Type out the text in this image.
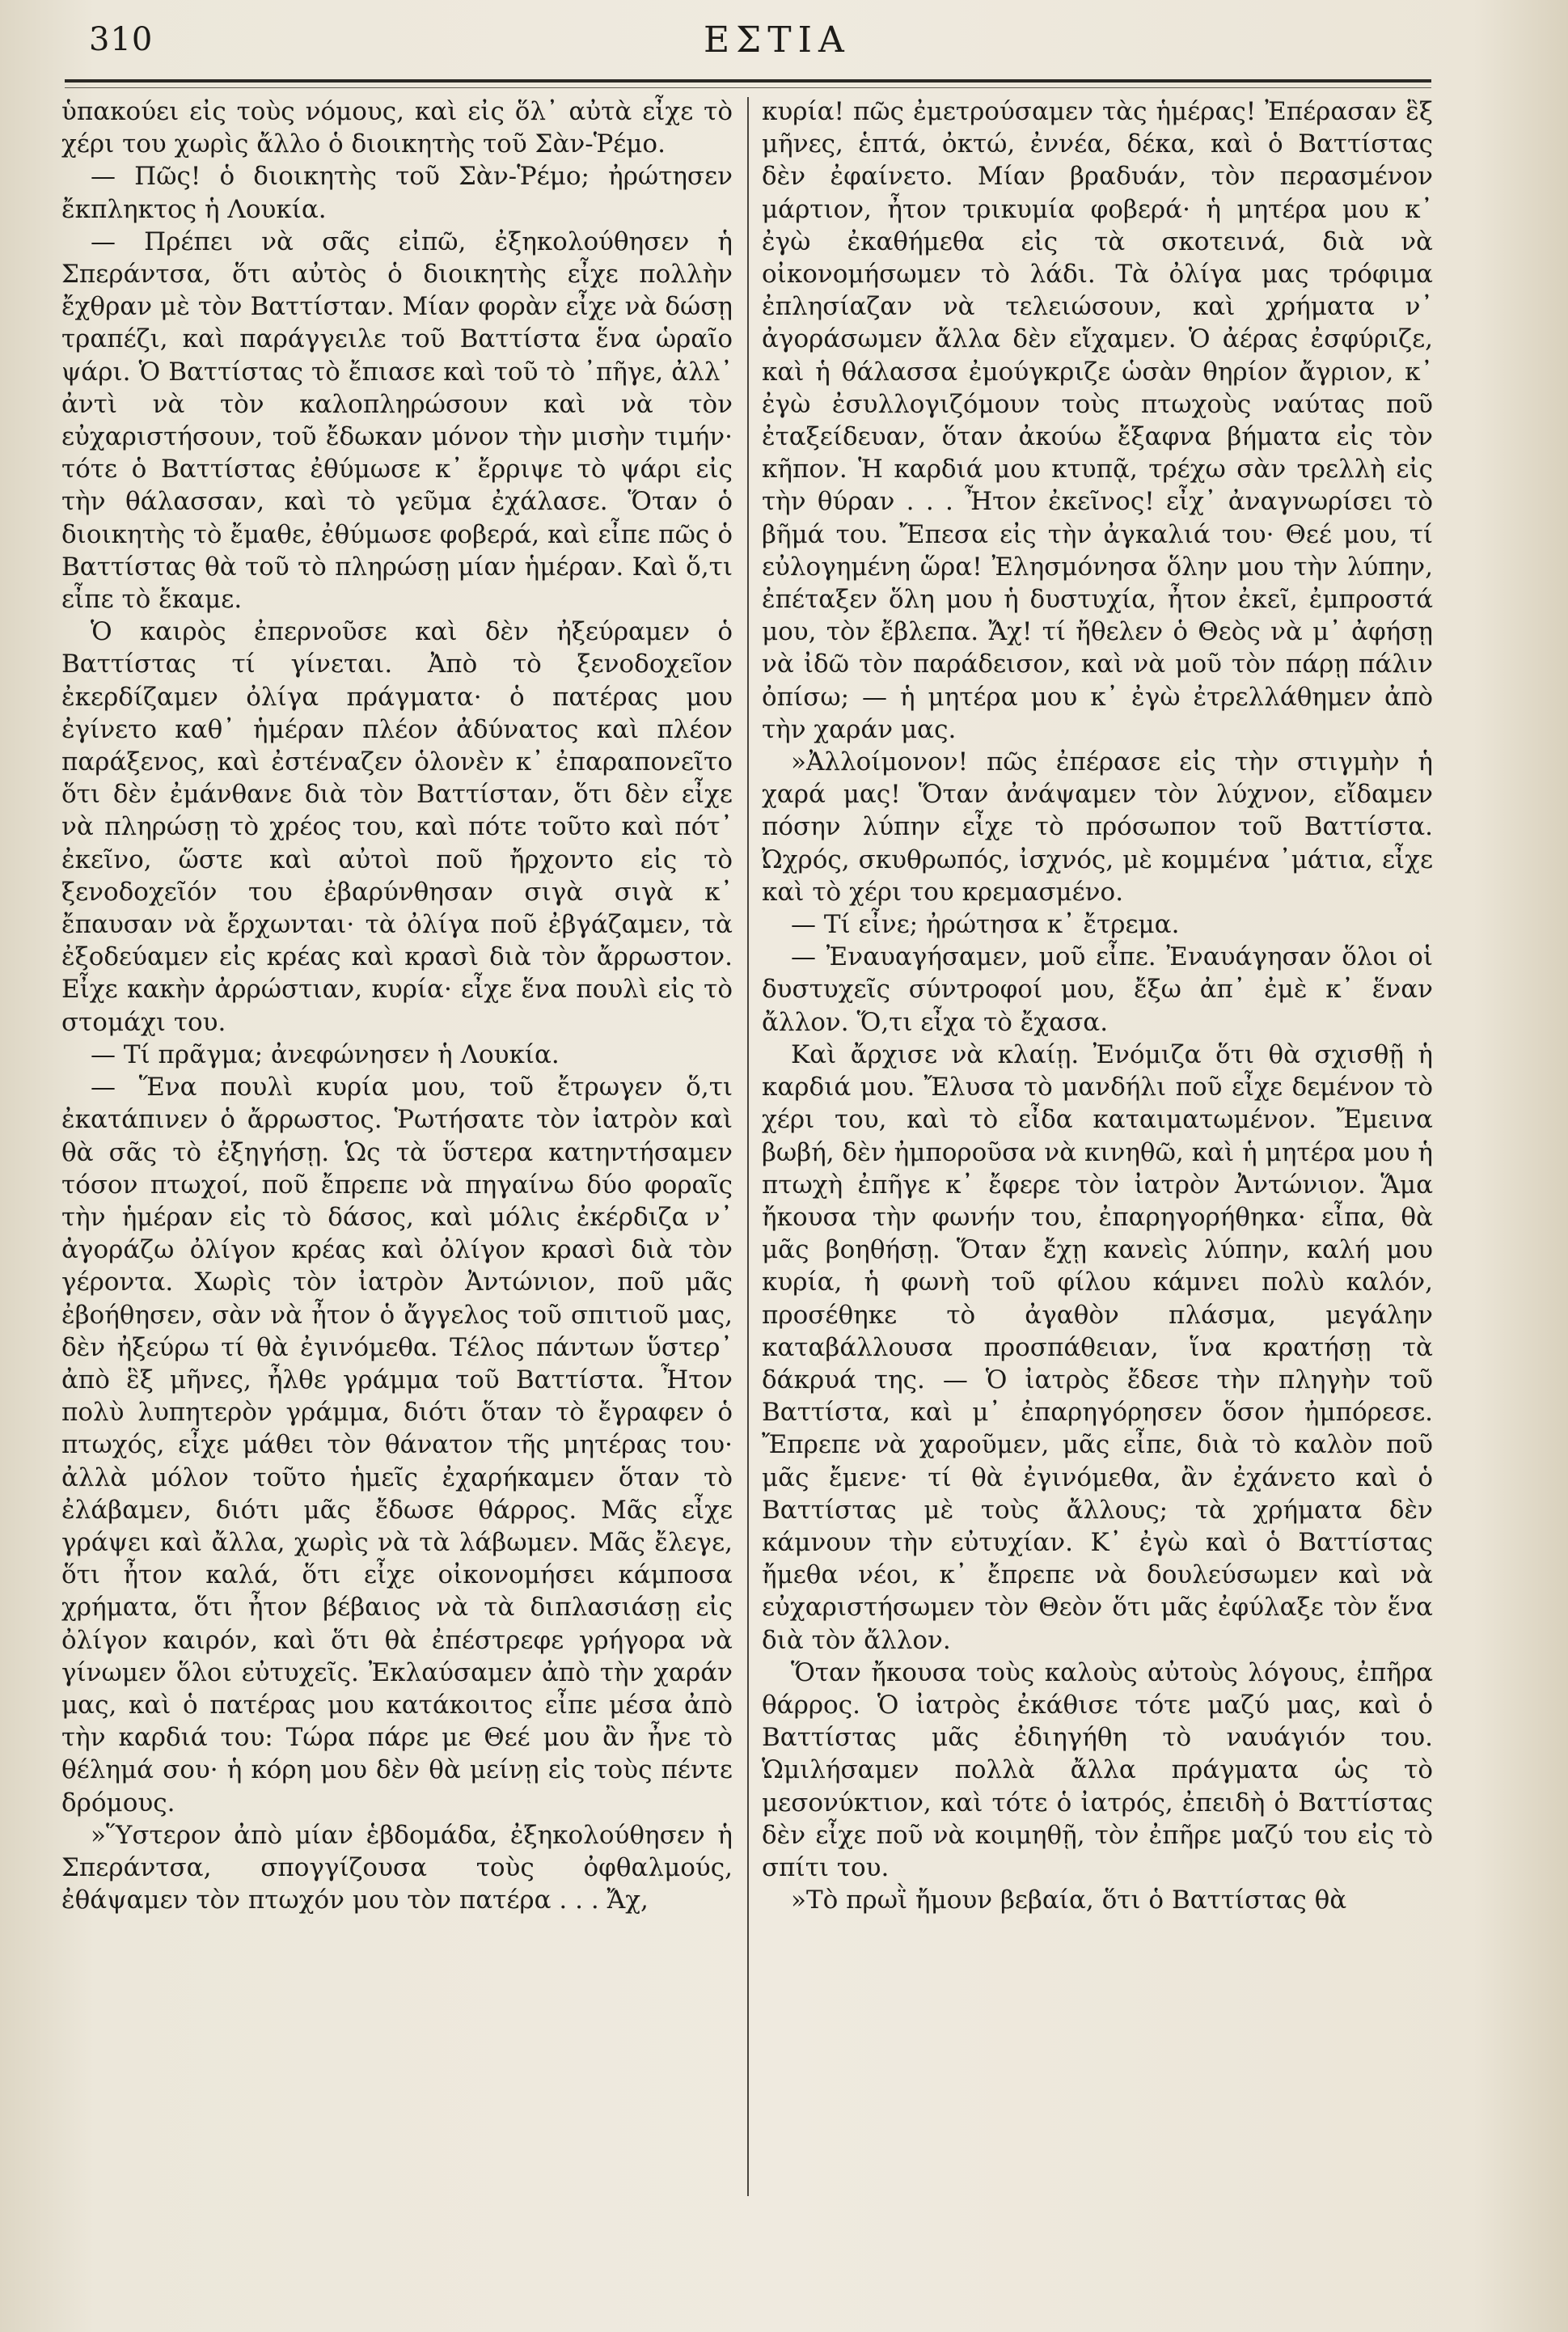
310	ΕΣΤΙΑ

ὑπακούει εἰς τοὺς νόμους, καὶ εἰς ὅλ᾿ αὐτὰ εἶχε τὸ χέρι του χωρὶς ἄλλο ὁ διοικητὴς τοῦ Σὰν-Ῥέμο.

— Πῶς! ὁ διοικητὴς τοῦ Σὰν-Ῥέμο; ἠρώτησεν ἔκπληκτος ἡ Λουκία.

— Πρέπει νὰ σᾶς εἰπῶ, ἐξηκολούθησεν ἡ Σπεράντσα, ὅτι αὐτὸς ὁ διοικητὴς εἶχε πολλὴν ἔχθραν μὲ τὸν Βαττίσταν. Μίαν φορὰν εἶχε νὰ δώσῃ τραπέζι, καὶ παράγγειλε τοῦ Βαττίστα ἕνα ὡραῖο ψάρι. Ὁ Βαττίστας τὸ ἔπιασε καὶ τοῦ τὸ ᾽πῆγε, ἀλλ᾿ ἀντὶ νὰ τὸν καλοπληρώσουν καὶ νὰ τὸν εὐχαριστήσουν, τοῦ ἔδωκαν μόνον τὴν μισὴν τιμήν· τότε ὁ Βαττίστας ἐθύμωσε κ᾿ ἔρριψε τὸ ψάρι εἰς τὴν θάλασσαν, καὶ τὸ γεῦμα ἐχάλασε. Ὅταν ὁ διοικητὴς τὸ ἔμαθε, ἐθύμωσε φοβερά, καὶ εἶπε πῶς ὁ Βαττίστας θὰ τοῦ τὸ πληρώσῃ μίαν ἡμέραν. Καὶ ὅ,τι εἶπε τὸ ἔκαμε.

Ὁ καιρὸς ἐπερνοῦσε καὶ δὲν ἠξεύραμεν ὁ Βαττίστας τί γίνεται. Ἀπὸ τὸ ξενοδοχεῖον ἐκερδίζαμεν ὀλίγα πράγματα· ὁ πατέρας μου ἐγίνετο καθ᾿ ἡμέραν πλέον ἀδύνατος καὶ πλέον παράξενος, καὶ ἐστέναζεν ὁλονὲν κ᾿ ἐπαραπονεῖτο ὅτι δὲν ἐμάνθανε διὰ τὸν Βαττίσταν, ὅτι δὲν εἶχε νὰ πληρώσῃ τὸ χρέος του, καὶ πότε τοῦτο καὶ πότ᾿ ἐκεῖνο, ὥστε καὶ αὐτοὶ ποῦ ἤρχοντο εἰς τὸ ξενοδοχεῖόν του ἐβαρύνθησαν σιγὰ σιγὰ κ᾿ ἔπαυσαν νὰ ἔρχωνται· τὰ ὀλίγα ποῦ ἐβγάζαμεν, τὰ ἐξοδεύαμεν εἰς κρέας καὶ κρασὶ διὰ τὸν ἄρρωστον. Εἶχε κακὴν ἀρρώστιαν, κυρία· εἶχε ἕνα πουλὶ εἰς τὸ στομάχι του.

— Τί πρᾶγμα; ἀνεφώνησεν ἡ Λουκία.

— Ἕνα πουλὶ κυρία μου, τοῦ ἔτρωγεν ὅ,τι ἐκατάπινεν ὁ ἄρρωστος. Ῥωτήσατε τὸν ἰατρὸν καὶ θὰ σᾶς τὸ ἐξηγήσῃ. Ὡς τὰ ὕστερα κατηντήσαμεν τόσον πτωχοί, ποῦ ἔπρεπε νὰ πηγαίνω δύο φοραῖς τὴν ἡμέραν εἰς τὸ δάσος, καὶ μόλις ἐκέρδιζα ν᾿ ἀγοράζω ὀλίγον κρέας καὶ ὀλίγον κρασὶ διὰ τὸν γέροντα. Χωρὶς τὸν ἰατρὸν Ἀντώνιον, ποῦ μᾶς ἐβοήθησεν, σὰν νὰ ἦτον ὁ ἄγγελος τοῦ σπιτιοῦ μας, δὲν ἠξεύρω τί θὰ ἐγινόμεθα. Τέλος πάντων ὕστερ᾿ ἀπὸ ἓξ μῆνες, ἦλθε γράμμα τοῦ Βαττίστα. Ἦτον πολὺ λυπητερὸν γράμμα, διότι ὅταν τὸ ἔγραφεν ὁ πτωχός, εἶχε μάθει τὸν θάνατον τῆς μητέρας του· ἀλλὰ μόλον τοῦτο ἡμεῖς ἐχαρήκαμεν ὅταν τὸ ἐλάβαμεν, διότι μᾶς ἔδωσε θάρρος. Μᾶς εἶχε γράψει καὶ ἄλλα, χωρὶς νὰ τὰ λάβωμεν. Μᾶς ἔλεγε, ὅτι ἦτον καλά, ὅτι εἶχε οἰκονομήσει κάμποσα χρήματα, ὅτι ἦτον βέβαιος νὰ τὰ διπλασιάσῃ εἰς ὀλίγον καιρόν, καὶ ὅτι θὰ ἐπέστρεφε γρήγορα νὰ γίνωμεν ὅλοι εὐτυχεῖς. Ἐκλαύσαμεν ἀπὸ τὴν χαράν μας, καὶ ὁ πατέρας μου κατάκοιτος εἶπε μέσα ἀπὸ τὴν καρδιά του: Τώρα πάρε με Θεέ μου ἂν ἦνε τὸ θέλημά σου· ἡ κόρη μου δὲν θὰ μείνῃ εἰς τοὺς πέντε δρόμους.

»Ὕστερον ἀπὸ μίαν ἑβδομάδα, ἐξηκολούθησεν ἡ Σπεράντσα, σπογγίζουσα τοὺς ὀφθαλμούς, ἐθάψαμεν τὸν πτωχόν μου τὸν πατέρα . . . Ἄχ,

κυρία! πῶς ἐμετρούσαμεν τὰς ἡμέρας! Ἐπέρασαν ἓξ μῆνες, ἑπτά, ὀκτώ, ἐννέα, δέκα, καὶ ὁ Βαττίστας δὲν ἐφαίνετο. Μίαν βραδυάν, τὸν περασμένον μάρτιον, ἦτον τρικυμία φοβερά· ἡ μητέρα μου κ᾿ ἐγὼ ἐκαθήμεθα εἰς τὰ σκοτεινά, διὰ νὰ οἰκονομήσωμεν τὸ λάδι. Τὰ ὀλίγα μας τρόφιμα ἐπλησίαζαν νὰ τελειώσουν, καὶ χρήματα ν᾿ ἀγοράσωμεν ἄλλα δὲν εἴχαμεν. Ὁ ἀέρας ἐσφύριζε, καὶ ἡ θάλασσα ἐμούγκριζε ὡσὰν θηρίον ἄγριον, κ᾿ ἐγὼ ἐσυλλογιζόμουν τοὺς πτωχοὺς ναύτας ποῦ ἐταξείδευαν, ὅταν ἀκούω ἔξαφνα βήματα εἰς τὸν κῆπον. Ἡ καρδιά μου κτυπᾷ, τρέχω σὰν τρελλὴ εἰς τὴν θύραν . . . Ἦτον ἐκεῖνος! εἶχ᾿ ἀναγνωρίσει τὸ βῆμά του. Ἔπεσα εἰς τὴν ἀγκαλιά του· Θεέ μου, τί εὐλογημένη ὥρα! Ἐλησμόνησα ὅλην μου τὴν λύπην, ἐπέταξεν ὅλη μου ἡ δυστυχία, ἦτον ἐκεῖ, ἐμπροστά μου, τὸν ἔβλεπα. Ἄχ! τί ἤθελεν ὁ Θεὸς νὰ μ᾿ ἀφήσῃ νὰ ἰδῶ τὸν παράδεισον, καὶ νὰ μοῦ τὸν πάρῃ πάλιν ὀπίσω; — ἡ μητέρα μου κ᾿ ἐγὼ ἐτρελλάθημεν ἀπὸ τὴν χαράν μας.

»Ἀλλοίμονον! πῶς ἐπέρασε εἰς τὴν στιγμὴν ἡ χαρά μας! Ὅταν ἀνάψαμεν τὸν λύχνον, εἴδαμεν πόσην λύπην εἶχε τὸ πρόσωπον τοῦ Βαττίστα. Ὠχρός, σκυθρωπός, ἰσχνός, μὲ κομμένα ᾽μάτια, εἶχε καὶ τὸ χέρι του κρεμασμένο.

— Τί εἶνε; ἠρώτησα κ᾿ ἔτρεμα.

— Ἐναυαγήσαμεν, μοῦ εἶπε. Ἐναυάγησαν ὅλοι οἱ δυστυχεῖς σύντροφοί μου, ἔξω ἀπ᾿ ἐμὲ κ᾿ ἕναν ἄλλον. Ὅ,τι εἶχα τὸ ἔχασα.

Καὶ ἄρχισε νὰ κλαίῃ. Ἐνόμιζα ὅτι θὰ σχισθῇ ἡ καρδιά μου. Ἔλυσα τὸ μανδήλι ποῦ εἶχε δεμένον τὸ χέρι του, καὶ τὸ εἶδα καταιματωμένον. Ἔμεινα βωβή, δὲν ἠμποροῦσα νὰ κινηθῶ, καὶ ἡ μητέρα μου ἡ πτωχὴ ἐπῆγε κ᾿ ἔφερε τὸν ἰατρὸν Ἀντώνιον. Ἅμα ἤκουσα τὴν φωνήν του, ἐπαρηγορήθηκα· εἶπα, θὰ μᾶς βοηθήσῃ. Ὅταν ἔχῃ κανεὶς λύπην, καλή μου κυρία, ἡ φωνὴ τοῦ φίλου κάμνει πολὺ καλόν, προσέθηκε τὸ ἀγαθὸν πλάσμα, μεγάλην καταβάλλουσα προσπάθειαν, ἵνα κρατήσῃ τὰ δάκρυά της. — Ὁ ἰατρὸς ἔδεσε τὴν πληγὴν τοῦ Βαττίστα, καὶ μ᾿ ἐπαρηγόρησεν ὅσον ἠμπόρεσε. Ἔπρεπε νὰ χαροῦμεν, μᾶς εἶπε, διὰ τὸ καλὸν ποῦ μᾶς ἔμενε· τί θὰ ἐγινόμεθα, ἂν ἐχάνετο καὶ ὁ Βαττίστας μὲ τοὺς ἄλλους; τὰ χρήματα δὲν κάμνουν τὴν εὐτυχίαν. Κ᾿ ἐγὼ καὶ ὁ Βαττίστας ἤμεθα νέοι, κ᾿ ἔπρεπε νὰ δουλεύσωμεν καὶ νὰ εὐχαριστήσωμεν τὸν Θεὸν ὅτι μᾶς ἐφύλαξε τὸν ἕνα διὰ τὸν ἄλλον.

Ὅταν ἤκουσα τοὺς καλοὺς αὐτοὺς λόγους, ἐπῆρα θάρρος. Ὁ ἰατρὸς ἐκάθισε τότε μαζύ μας, καὶ ὁ Βαττίστας μᾶς ἐδιηγήθη τὸ ναυάγιόν του. Ὡμιλήσαμεν πολλὰ ἄλλα πράγματα ὡς τὸ μεσονύκτιον, καὶ τότε ὁ ἰατρός, ἐπειδὴ ὁ Βαττίστας δὲν εἶχε ποῦ νὰ κοιμηθῇ, τὸν ἐπῆρε μαζύ του εἰς τὸ σπίτι του.

»Τὸ πρωῒ ἤμουν βεβαία, ὅτι ὁ Βαττίστας θὰ
